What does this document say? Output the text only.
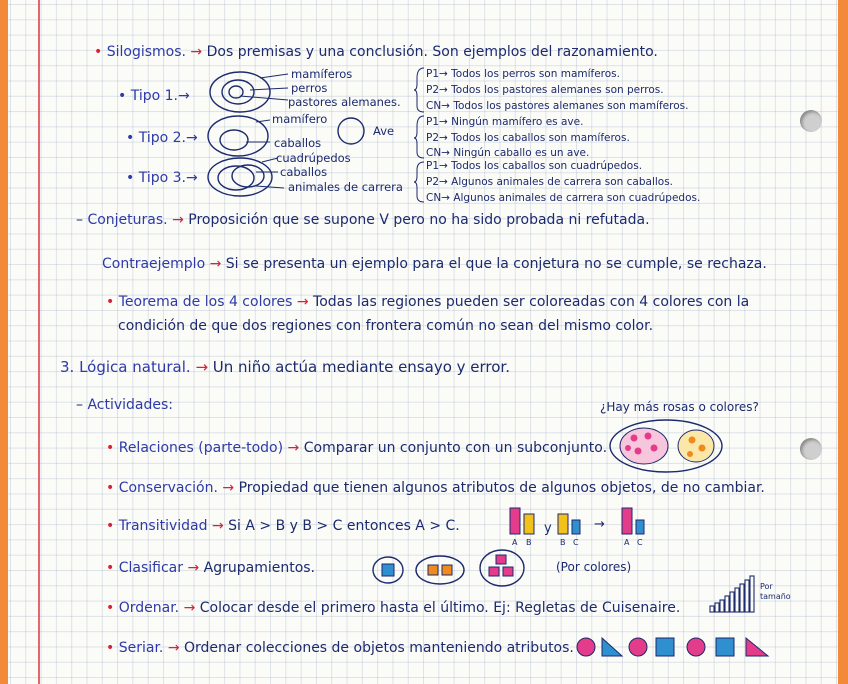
• Silogismos. → Dos premisas y una conclusión. Son ejemplos del razonamiento.
• Tipo 1.→
mamíferos
perros
pastores alemanes.
P1→ Todos los perros son mamíferos.
P2→ Todos los pastores alemanes son perros.
CN→ Todos los pastores alemanes son mamíferos.
• Tipo 2.→
mamífero
caballos
Ave
P1→ Ningún mamífero es ave.
P2→ Todos los caballos son mamíferos.
CN→ Ningún caballo es un ave.
• Tipo 3.→
cuadrúpedos
caballos
animales de carrera
P1→ Todos los caballos son cuadrúpedos.
P2→ Algunos animales de carrera son caballos.
CN→ Algunos animales de carrera son cuadrúpedos.
– Conjeturas. → Proposición que se supone V pero no ha sido probada ni refutada.
Contraejemplo → Si se presenta un ejemplo para el que la conjetura no se cumple, se rechaza.
• Teorema de los 4 colores → Todas las regiones pueden ser coloreadas con 4 colores con la
condición de que dos regiones con frontera común no sean del mismo color.
3. Lógica natural. → Un niño actúa mediante ensayo y error.
– Actividades:	¿Hay más rosas o colores?
• Relaciones (parte-todo) → Comparar un conjunto con un subconjunto.
• Conservación. → Propiedad que tienen algunos atributos de algunos objetos, de no cambiar.
• Transitividad → Si A > B y B > C entonces A > C.
A B
y
B C
→
A C
• Clasificar → Agrupamientos.	(Por colores)
• Ordenar. → Colocar desde el primero hasta el último. Ej: Regletas de Cuisenaire.
Por tamaño
• Seriar. → Ordenar colecciones de objetos manteniendo atributos.
